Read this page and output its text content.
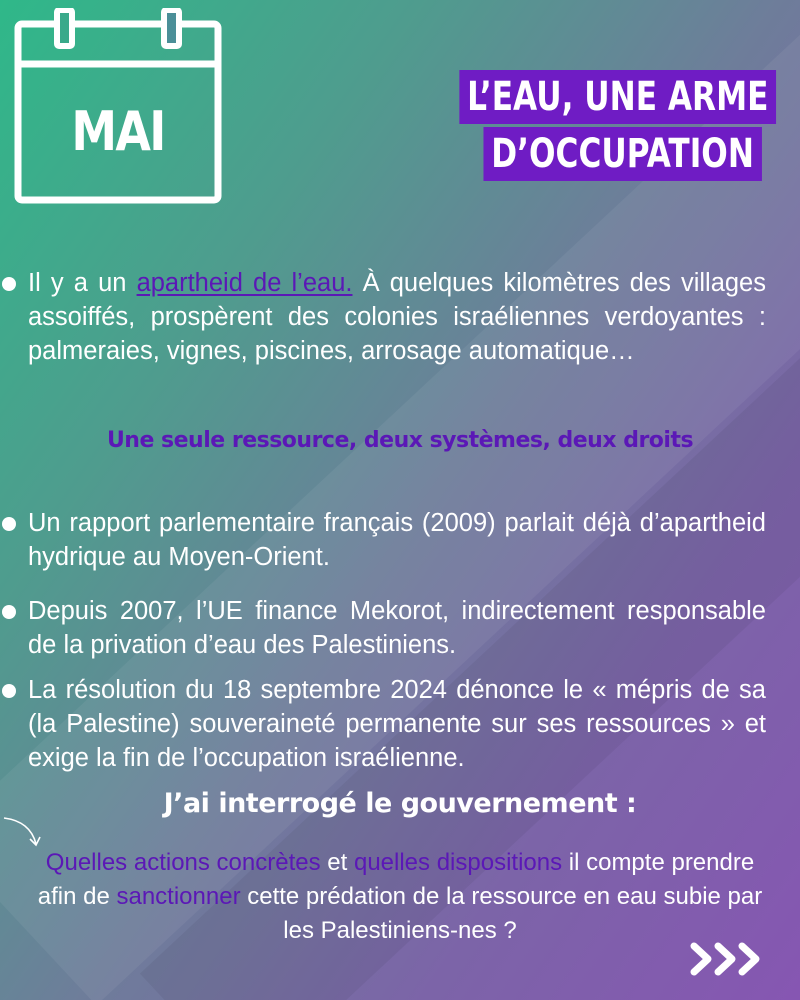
MAI
L’EAU, UNE ARME
D’OCCUPATION
Il y a un apartheid de l’eau. À quelques kilomètres des villages assoiffés, prospèrent des colonies israéliennes verdoyantes : palmeraies, vignes, piscines, arrosage automatique…
Une seule ressource, deux systèmes, deux droits
Un rapport parlementaire français (2009) parlait déjà d’apartheid hydrique au Moyen-Orient.
Depuis 2007, l’UE finance Mekorot, indirectement responsable de la privation d’eau des Palestiniens.
La résolution du 18 septembre 2024 dénonce le « mépris de sa (la Palestine) souveraineté permanente sur ses ressources » et exige la fin de l’occupation israélienne.
J’ai interrogé le gouvernement :
Quelles actions concrètes et quelles dispositions il compte prendre afin de sanctionner cette prédation de la ressource en eau subie par les Palestiniens-nes ?
